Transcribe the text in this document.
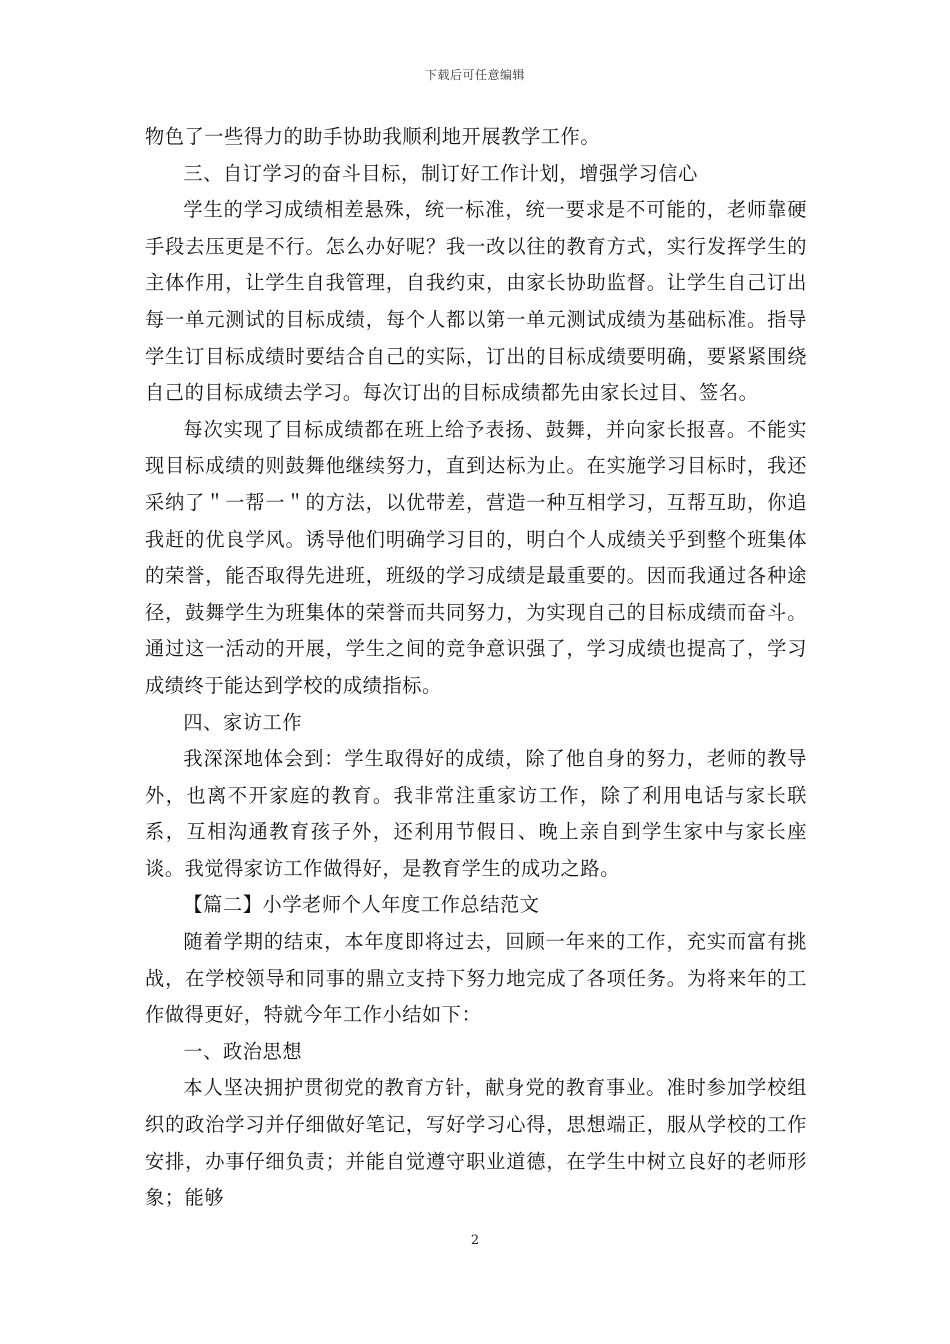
下载后可任意编辑

物色了一些得力的助手协助我顺利地开展教学工作。

三、自订学习的奋斗目标，制订好工作计划，增强学习信心

学生的学习成绩相差悬殊，统一标准，统一要求是不可能的，老师靠硬手段去压更是不行。怎么办好呢？我一改以往的教育方式，实行发挥学生的主体作用，让学生自我管理，自我约束，由家长协助监督。让学生自己订出每一单元测试的目标成绩，每个人都以第一单元测试成绩为基础标准。指导学生订目标成绩时要结合自己的实际，订出的目标成绩要明确，要紧紧围绕自己的目标成绩去学习。每次订出的目标成绩都先由家长过目、签名。

每次实现了目标成绩都在班上给予表扬、鼓舞，并向家长报喜。不能实现目标成绩的则鼓舞他继续努力，直到达标为止。在实施学习目标时，我还采纳了＂一帮一＂的方法，以优带差，营造一种互相学习，互帮互助，你追我赶的优良学风。诱导他们明确学习目的，明白个人成绩关乎到整个班集体的荣誉，能否取得先进班，班级的学习成绩是最重要的。因而我通过各种途径，鼓舞学生为班集体的荣誉而共同努力，为实现自己的目标成绩而奋斗。通过这一活动的开展，学生之间的竞争意识强了，学习成绩也提高了，学习成绩终于能达到学校的成绩指标。

四、家访工作

我深深地体会到：学生取得好的成绩，除了他自身的努力，老师的教导外，也离不开家庭的教育。我非常注重家访工作，除了利用电话与家长联系，互相沟通教育孩子外，还利用节假日、晚上亲自到学生家中与家长座谈。我觉得家访工作做得好，是教育学生的成功之路。

【篇二】小学老师个人年度工作总结范文

随着学期的结束，本年度即将过去，回顾一年来的工作，充实而富有挑战，在学校领导和同事的鼎立支持下努力地完成了各项任务。为将来年的工作做得更好，特就今年工作小结如下：

一、政治思想

本人坚决拥护贯彻党的教育方针，献身党的教育事业。准时参加学校组织的政治学习并仔细做好笔记，写好学习心得，思想端正，服从学校的工作安排，办事仔细负责；并能自觉遵守职业道德，在学生中树立良好的老师形象；能够

2
